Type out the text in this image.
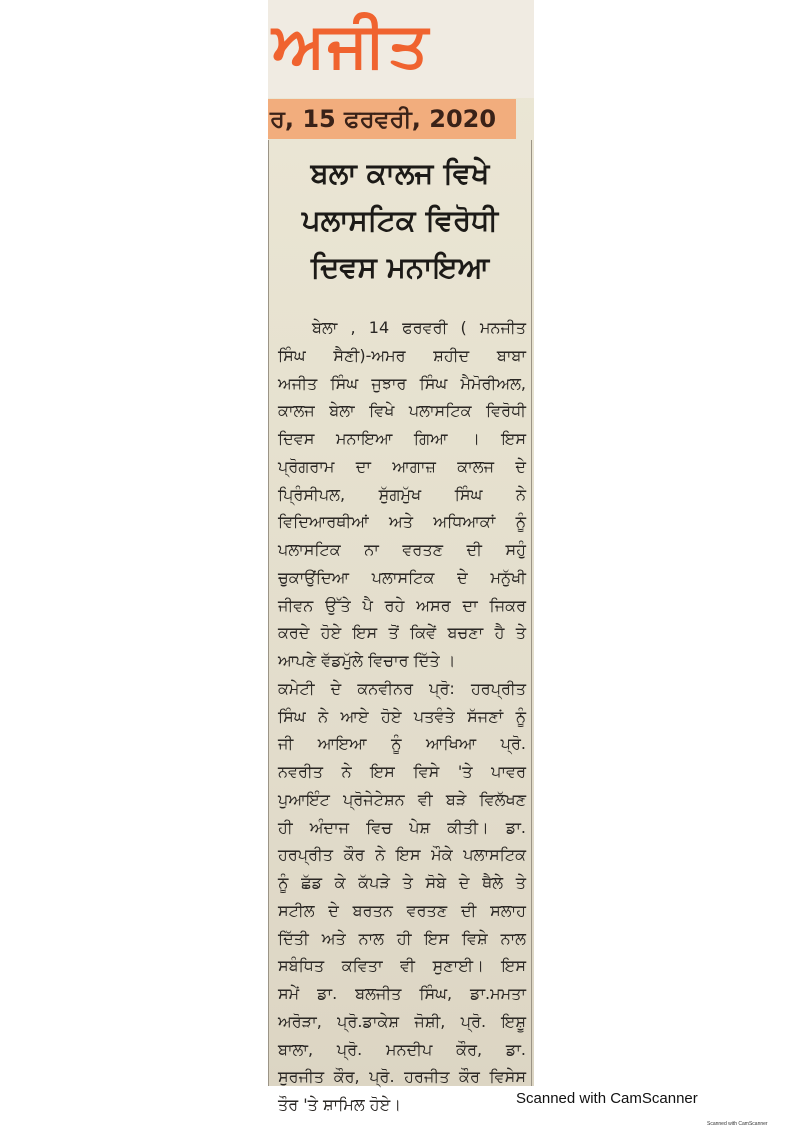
ਅਜੀਤ
ਰ, 15 ਫਰਵਰੀ, 2020
ਬਲਾ ਕਾਲਜ ਵਿਖੇ
ਪਲਾਸਟਿਕ ਵਿਰੋਧੀ
ਦਿਵਸ ਮਨਾਇਆ
ਬੇਲਾ , 14 ਫਰਵਰੀ ( ਮਨਜੀਤ
ਸਿੰਘ ਸੈਣੀ)-ਅਮਰ ਸ਼ਹੀਦ ਬਾਬਾ
ਅਜੀਤ ਸਿੰਘ ਜੁਝਾਰ ਸਿੰਘ ਮੈਮੋਰੀਅਲ,
ਕਾਲਜ ਬੇਲਾ ਵਿਖੇ ਪਲਾਸਟਿਕ ਵਿਰੋਧੀ
ਦਿਵਸ ਮਨਾਇਆ ਗਿਆ । ਇਸ
ਪ੍ਰੋਗਰਾਮ ਦਾ ਆਗਾਜ਼ ਕਾਲਜ ਦੇ
ਪ੍ਰਿੰਸੀਪਲ, ਸੁੱਗਮੁੱਖ ਸਿੰਘ ਨੇ
ਵਿਦਿਆਰਥੀਆਂ ਅਤੇ ਅਧਿਆਕਾਂ ਨੂੰ
ਪਲਾਸਟਿਕ ਨਾ ਵਰਤਣ ਦੀ ਸਹੁੰ
ਚੁਕਾਉਂਦਿਆ ਪਲਾਸਟਿਕ ਦੇ ਮਨੁੱਖੀ
ਜੀਵਨ ਉੱਤੇ ਪੈ ਰਹੇ ਅਸਰ ਦਾ ਜਿਕਰ
ਕਰਦੇ ਹੋਏ ਇਸ ਤੋਂ ਕਿਵੇਂ ਬਚਣਾ ਹੈ ਤੇ
ਆਪਣੇ ਵੱਡਮੁੱਲੇ ਵਿਚਾਰ ਦਿੱਤੇ ।
ਕਮੇਟੀ ਦੇ ਕਨਵੀਨਰ ਪ੍ਰੋ: ਹਰਪ੍ਰੀਤ
ਸਿੰਘ ਨੇ ਆਏ ਹੋਏ ਪਤਵੰਤੇ ਸੱਜਣਾਂ ਨੂੰ
ਜੀ ਆਇਆ ਨੂੰ ਆਖਿਆ ਪ੍ਰੋ.
ਨਵਰੀਤ ਨੇ ਇਸ ਵਿਸੇ 'ਤੇ ਪਾਵਰ
ਪੁਆਇੰਟ ਪ੍ਰੋਜੇਟੇਸ਼ਨ ਵੀ ਬੜੇ ਵਿਲੱਖਣ
ਹੀ ਅੰਦਾਜ ਵਿਚ ਪੇਸ਼ ਕੀਤੀ। ਡਾ.
ਹਰਪ੍ਰੀਤ ਕੌਰ ਨੇ ਇਸ ਮੌਕੇ ਪਲਾਸਟਿਕ
ਨੂੰ ਛੱਡ ਕੇ ਕੱਪੜੇ ਤੇ ਸੋਬੇ ਦੇ ਥੈਲੇ ਤੇ
ਸਟੀਲ ਦੇ ਬਰਤਨ ਵਰਤਣ ਦੀ ਸਲਾਹ
ਦਿੱਤੀ ਅਤੇ ਨਾਲ ਹੀ ਇਸ ਵਿਸ਼ੇ ਨਾਲ
ਸਬੰਧਿਤ ਕਵਿਤਾ ਵੀ ਸੁਣਾਈ। ਇਸ
ਸਮੇਂ ਡਾ. ਬਲਜੀਤ ਸਿੰਘ, ਡਾ.ਮਮਤਾ
ਅਰੋੜਾ, ਪ੍ਰੋ.ਡਾਕੇਸ਼ ਜੋਸ਼ੀ, ਪ੍ਰੋ. ਇਸ਼ੂ
ਬਾਲਾ, ਪ੍ਰੋ. ਮਨਦੀਪ ਕੌਰ, ਡਾ.
ਸੁਰਜੀਤ ਕੌਰ, ਪ੍ਰੋ. ਹਰਜੀਤ ਕੌਰ ਵਿਸੇਸ
ਤੌਰ 'ਤੇ ਸ਼ਾਮਿਲ ਹੋਏ।	Scanned with CamScanner
Scanned with CamScanner
